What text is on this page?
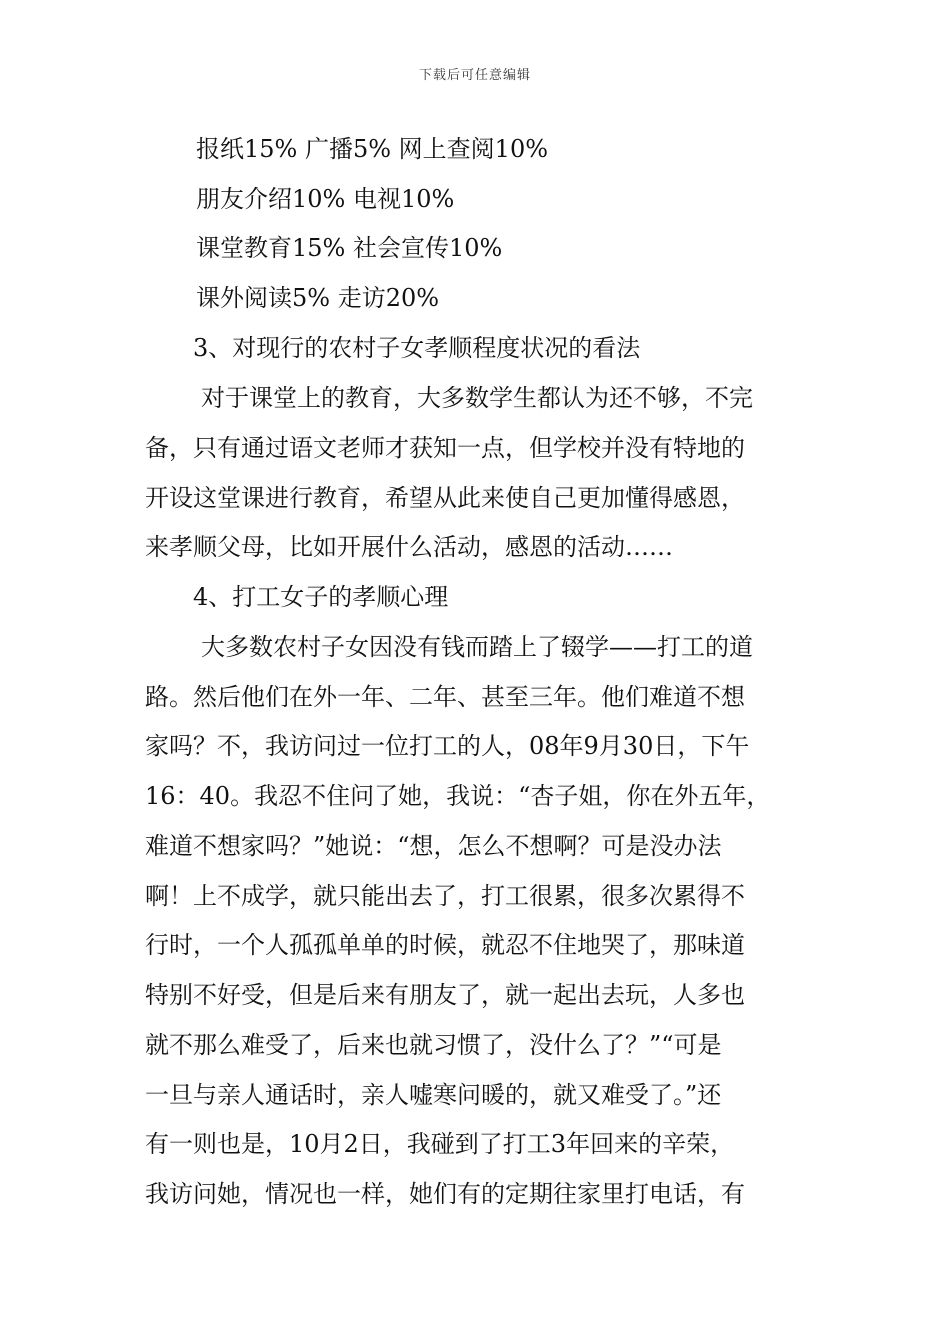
下载后可任意编辑
报纸15% 广播5% 网上查阅10%
朋友介绍10% 电视10%
课堂教育15% 社会宣传10%
课外阅读5% 走访20%
3、对现行的农村子女孝顺程度状况的看法
对于课堂上的教育，大多数学生都认为还不够，不完
备，只有通过语文老师才获知一点，但学校并没有特地的
开设这堂课进行教育，希望从此来使自己更加懂得感恩，
来孝顺父母，比如开展什么活动，感恩的活动……
4、打工女子的孝顺心理
大多数农村子女因没有钱而踏上了辍学——打工的道
路。然后他们在外一年、二年、甚至三年。他们难道不想
家吗？不，我访问过一位打工的人，08年9月30日，下午
16：40。我忍不住问了她，我说：“杏子姐，你在外五年，
难道不想家吗？”她说：“想，怎么不想啊？可是没办法
啊！上不成学，就只能出去了，打工很累，很多次累得不
行时，一个人孤孤单单的时候，就忍不住地哭了，那味道
特别不好受，但是后来有朋友了，就一起出去玩，人多也
就不那么难受了，后来也就习惯了，没什么了？”“可是
一旦与亲人通话时，亲人嘘寒问暖的，就又难受了。”还
有一则也是，10月2日，我碰到了打工3年回来的辛荣，
我访问她，情况也一样，她们有的定期往家里打电话，有
